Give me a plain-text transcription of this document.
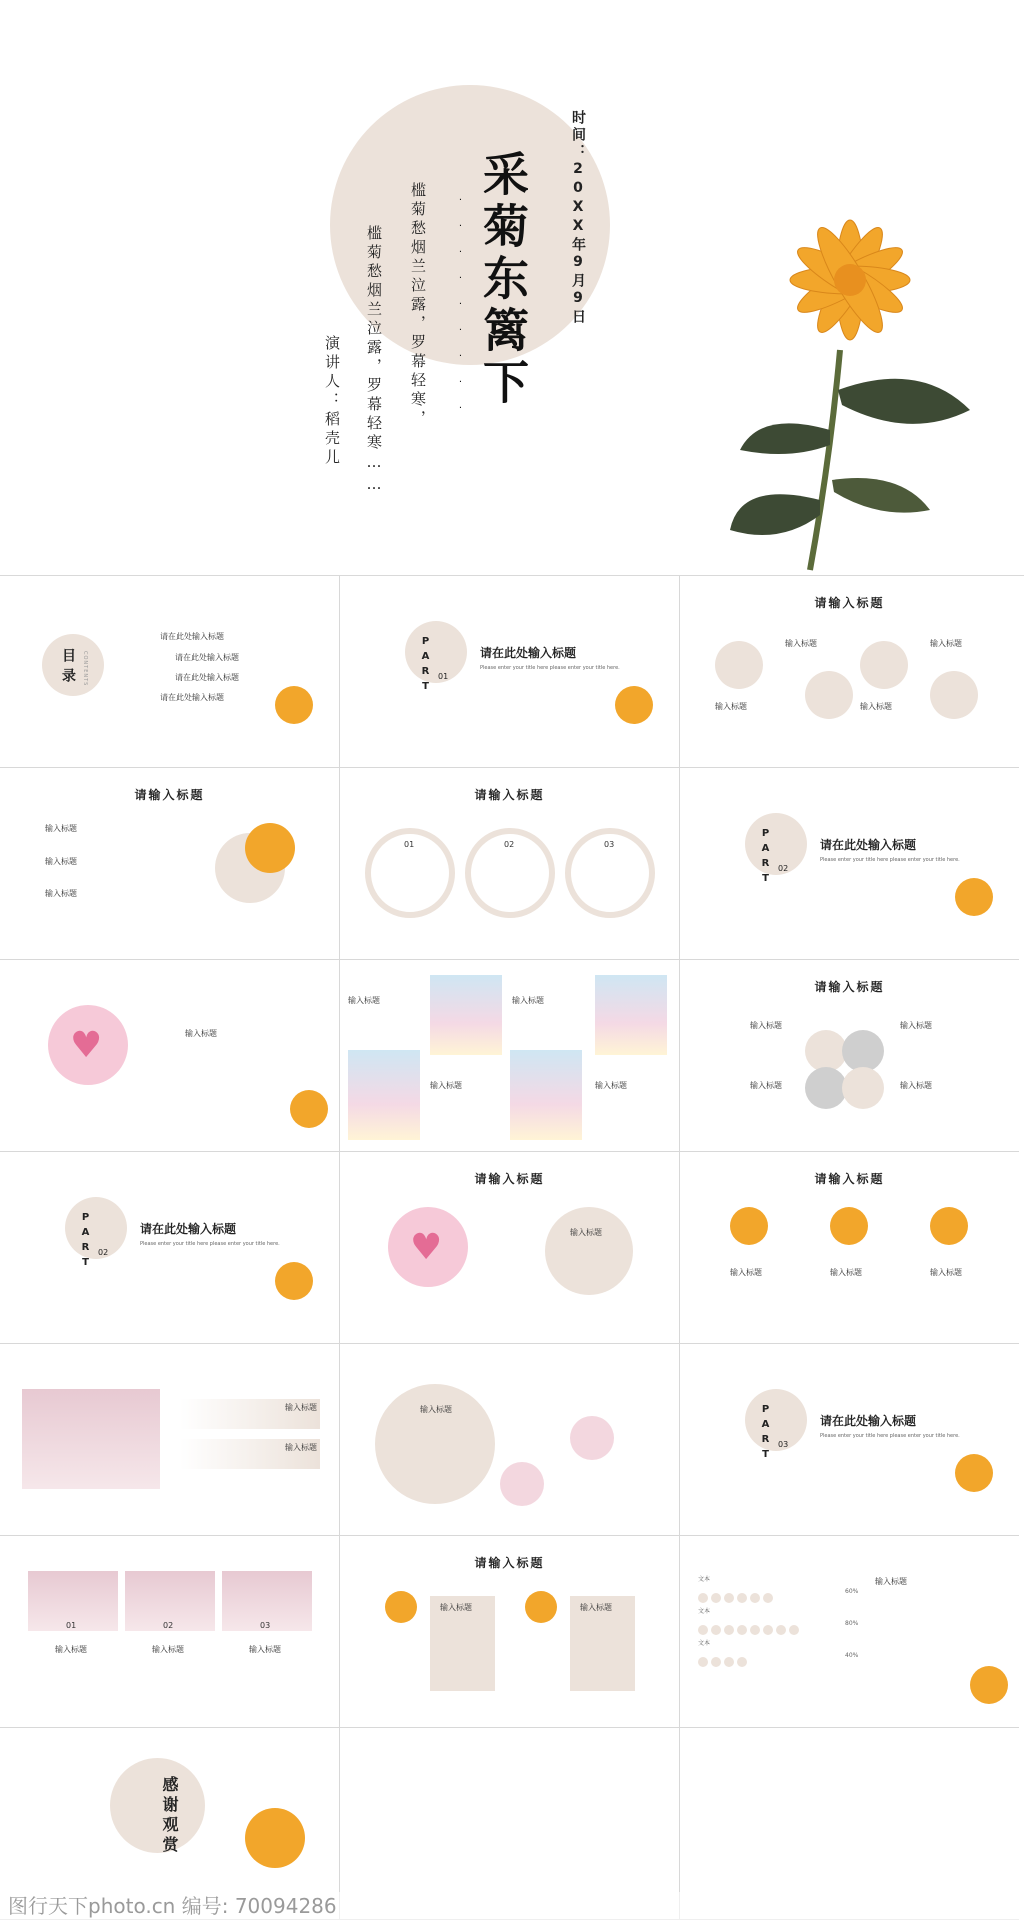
采菊东篱下
· · · · · · · · ·	时间：20XX年9月9日
槛菊愁烟兰泣露，罗幕轻寒，
槛菊愁烟兰泣露，罗幕轻寒……
演讲人：稻壳儿
目录	CONTENTS
请在此处输入标题
请在此处输入标题
请在此处输入标题
请在此处输入标题
PART 01
请在此处输入标题
Please enter your title here please enter your title here.
请输入标题
输入标题	输入标题
输入标题	输入标题
请输入标题
输入标题
输入标题
输入标题
请输入标题
01	02	03	PART 02
请在此处输入标题
Please enter your title here please enter your title here.
♥	输入标题
输入标题	输入标题
输入标题	输入标题
请输入标题
输入标题	输入标题
输入标题	输入标题
PART 02
请在此处输入标题
Please enter your title here please enter your title here.
请输入标题
♥	输入标题
请输入标题
输入标题	输入标题	输入标题
输入标题
输入标题
输入标题	PART 03
请在此处输入标题
Please enter your title here please enter your title here.
01	02	03
输入标题	输入标题	输入标题
请输入标题
输入标题	输入标题
文本
60%
文本
80%
文本
40%
输入标题
感谢观赏
图行天下photo.cn 编号: 70094286
